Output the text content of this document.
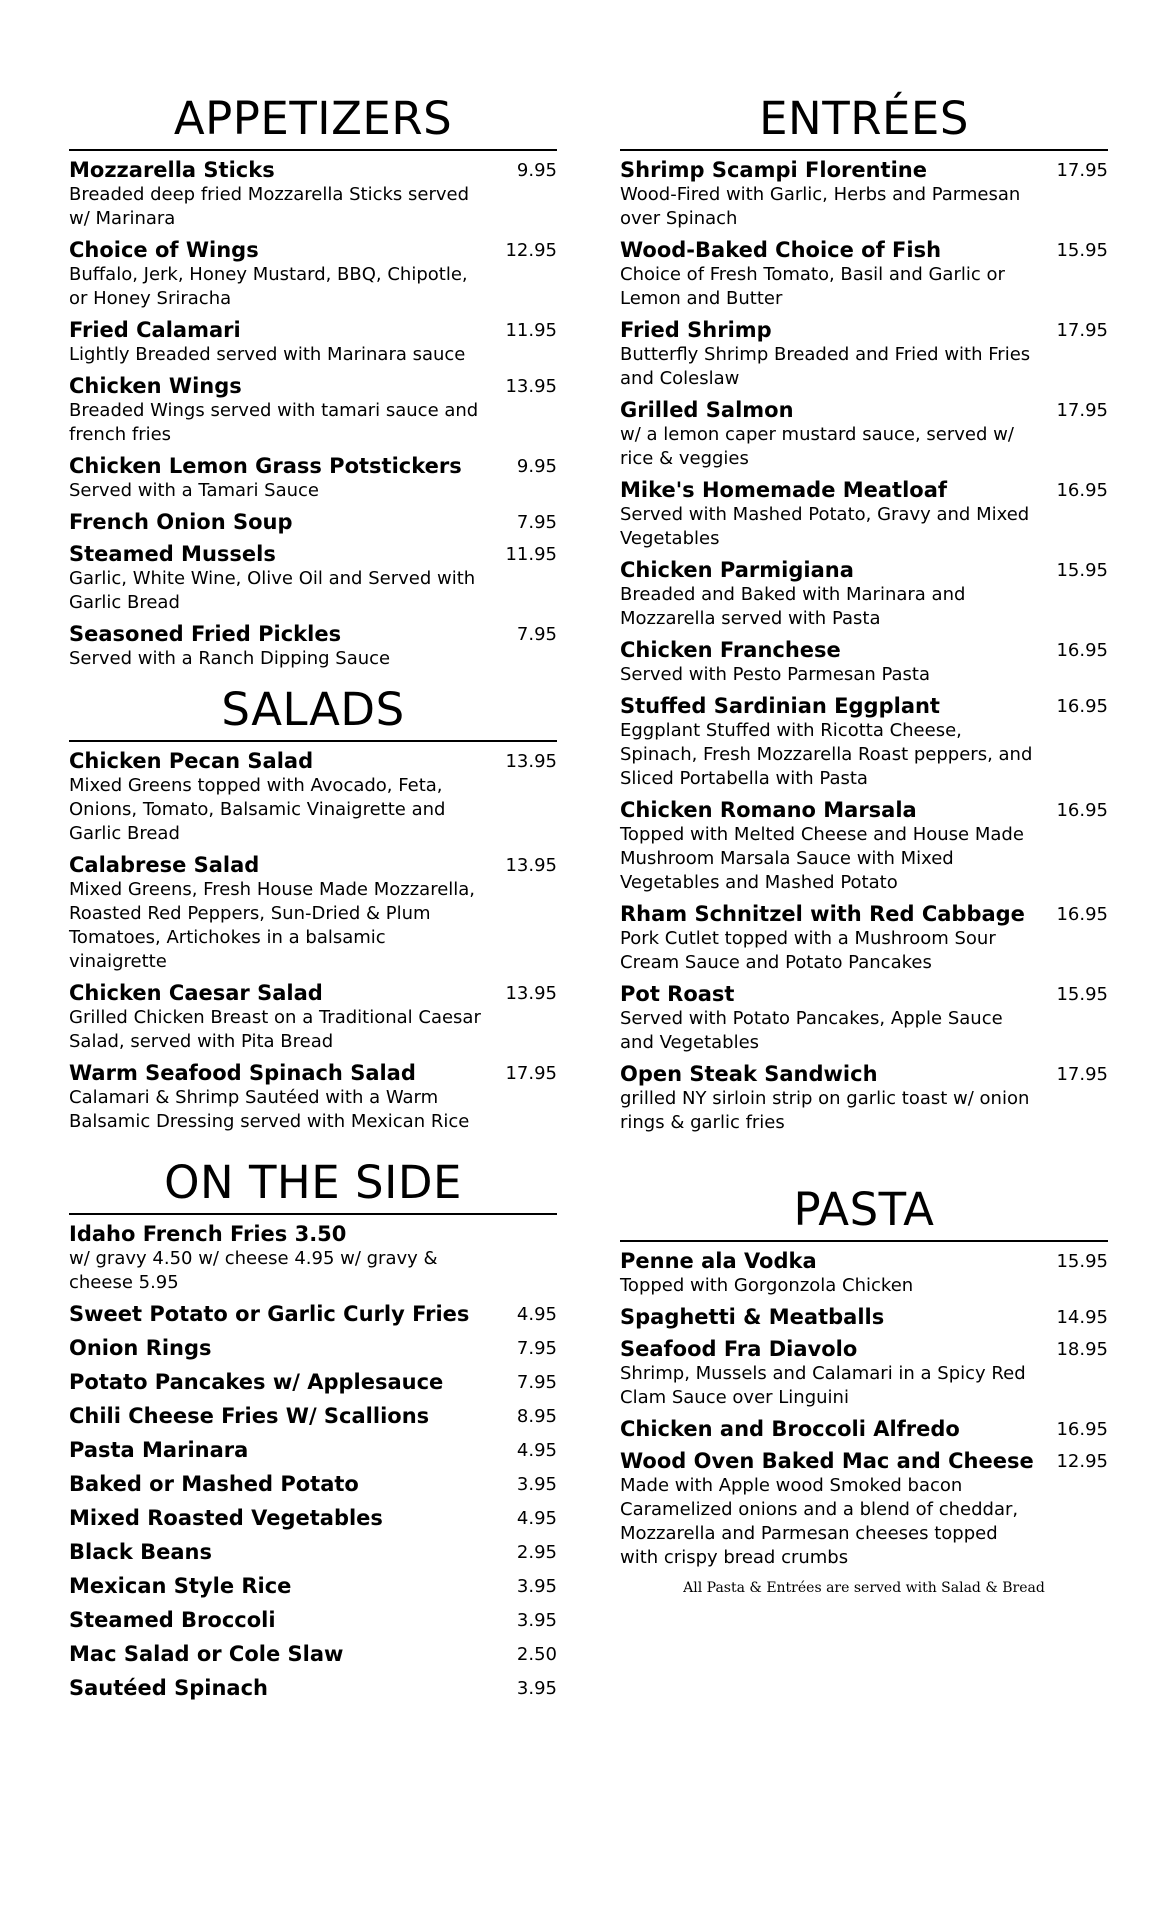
APPETIZERS
Mozzarella Sticks	9.95
Breaded deep fried Mozzarella Sticks served w/ Marinara
Choice of Wings	12.95
Buffalo, Jerk, Honey Mustard, BBQ, Chipotle, or Honey Sriracha
Fried Calamari	11.95
Lightly Breaded served with Marinara sauce
Chicken Wings	13.95
Breaded Wings served with tamari sauce and french fries
Chicken Lemon Grass Potstickers	9.95
Served with a Tamari Sauce
French Onion Soup	7.95
Steamed Mussels	11.95
Garlic, White Wine, Olive Oil and Served with Garlic Bread
Seasoned Fried Pickles	7.95
Served with a Ranch Dipping Sauce
SALADS
Chicken Pecan Salad	13.95
Mixed Greens topped with Avocado, Feta, Onions, Tomato, Balsamic Vinaigrette and Garlic Bread
Calabrese Salad	13.95
Mixed Greens, Fresh House Made Mozzarella, Roasted Red Peppers, Sun-Dried & Plum Tomatoes, Artichokes in a balsamic vinaigrette
Chicken Caesar Salad	13.95
Grilled Chicken Breast on a Traditional Caesar Salad, served with Pita Bread
Warm Seafood Spinach Salad	17.95
Calamari & Shrimp Sautéed with a Warm Balsamic Dressing served with Mexican Rice
ON THE SIDE
Idaho French Fries 3.50
w/ gravy 4.50 w/ cheese 4.95 w/ gravy & cheese 5.95
Sweet Potato or Garlic Curly Fries	4.95
Onion Rings	7.95
Potato Pancakes w/ Applesauce	7.95
Chili Cheese Fries W/ Scallions	8.95
Pasta Marinara	4.95
Baked or Mashed Potato	3.95
Mixed Roasted Vegetables	4.95
Black Beans	2.95
Mexican Style Rice	3.95
Steamed Broccoli	3.95
Mac Salad or Cole Slaw	2.50
Sautéed Spinach	3.95
ENTRÉES
Shrimp Scampi Florentine	17.95
Wood-Fired with Garlic, Herbs and Parmesan over Spinach
Wood-Baked Choice of Fish	15.95
Choice of Fresh Tomato, Basil and Garlic or Lemon and Butter
Fried Shrimp	17.95
Butterfly Shrimp Breaded and Fried with Fries and Coleslaw
Grilled Salmon	17.95
w/ a lemon caper mustard sauce, served w/ rice & veggies
Mike's Homemade Meatloaf	16.95
Served with Mashed Potato, Gravy and Mixed Vegetables
Chicken Parmigiana	15.95
Breaded and Baked with Marinara and Mozzarella served with Pasta
Chicken Franchese	16.95
Served with Pesto Parmesan Pasta
Stuffed Sardinian Eggplant	16.95
Eggplant Stuffed with Ricotta Cheese, Spinach, Fresh Mozzarella Roast peppers, and Sliced Portabella with Pasta
Chicken Romano Marsala	16.95
Topped with Melted Cheese and House Made Mushroom Marsala Sauce with Mixed Vegetables and Mashed Potato
Rham Schnitzel with Red Cabbage	16.95
Pork Cutlet topped with a Mushroom Sour Cream Sauce and Potato Pancakes
Pot Roast	15.95
Served with Potato Pancakes, Apple Sauce and Vegetables
Open Steak Sandwich	17.95
grilled NY sirloin strip on garlic toast w/ onion rings & garlic fries
PASTA
Penne ala Vodka	15.95
Topped with Gorgonzola Chicken
Spaghetti & Meatballs	14.95
Seafood Fra Diavolo	18.95
Shrimp, Mussels and Calamari in a Spicy Red Clam Sauce over Linguini
Chicken and Broccoli Alfredo	16.95
Wood Oven Baked Mac and Cheese	12.95
Made with Apple wood Smoked bacon Caramelized onions and a blend of cheddar, Mozzarella and Parmesan cheeses topped with crispy bread crumbs
All Pasta & Entrées are served with Salad & Bread
